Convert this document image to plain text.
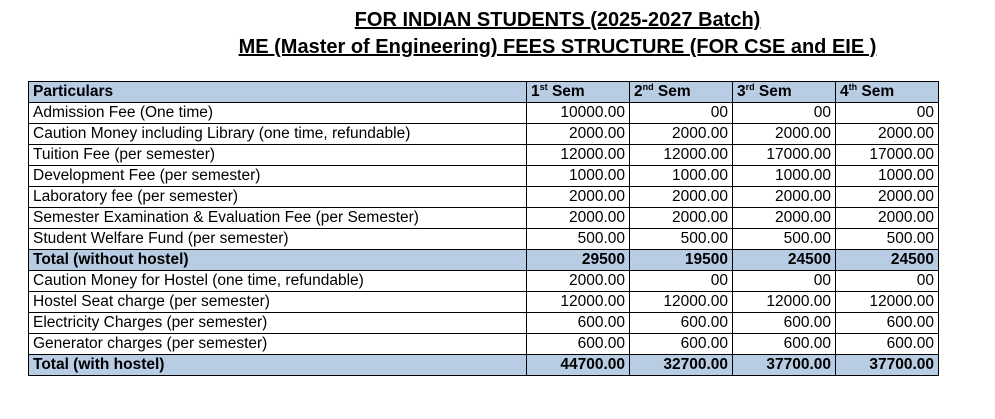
FOR INDIAN STUDENTS (2025-2027 Batch)
ME (Master of Engineering) FEES STRUCTURE (FOR CSE and EIE )
Particulars	1st Sem	2nd Sem	3rd Sem	4th Sem
Admission Fee (One time)	10000.00	00	00	00
Caution Money including Library (one time, refundable)	2000.00	2000.00	2000.00	2000.00
Tuition Fee (per semester)	12000.00	12000.00	17000.00	17000.00
Development Fee (per semester)	1000.00	1000.00	1000.00	1000.00
Laboratory fee (per semester)	2000.00	2000.00	2000.00	2000.00
Semester Examination & Evaluation Fee (per Semester)	2000.00	2000.00	2000.00	2000.00
Student Welfare Fund (per semester)	500.00	500.00	500.00	500.00
Total (without hostel)	29500	19500	24500	24500
Caution Money for Hostel (one time, refundable)	2000.00	00	00	00
Hostel Seat charge (per semester)	12000.00	12000.00	12000.00	12000.00
Electricity Charges (per semester)	600.00	600.00	600.00	600.00
Generator charges (per semester)	600.00	600.00	600.00	600.00
Total (with hostel)	44700.00	32700.00	37700.00	37700.00
